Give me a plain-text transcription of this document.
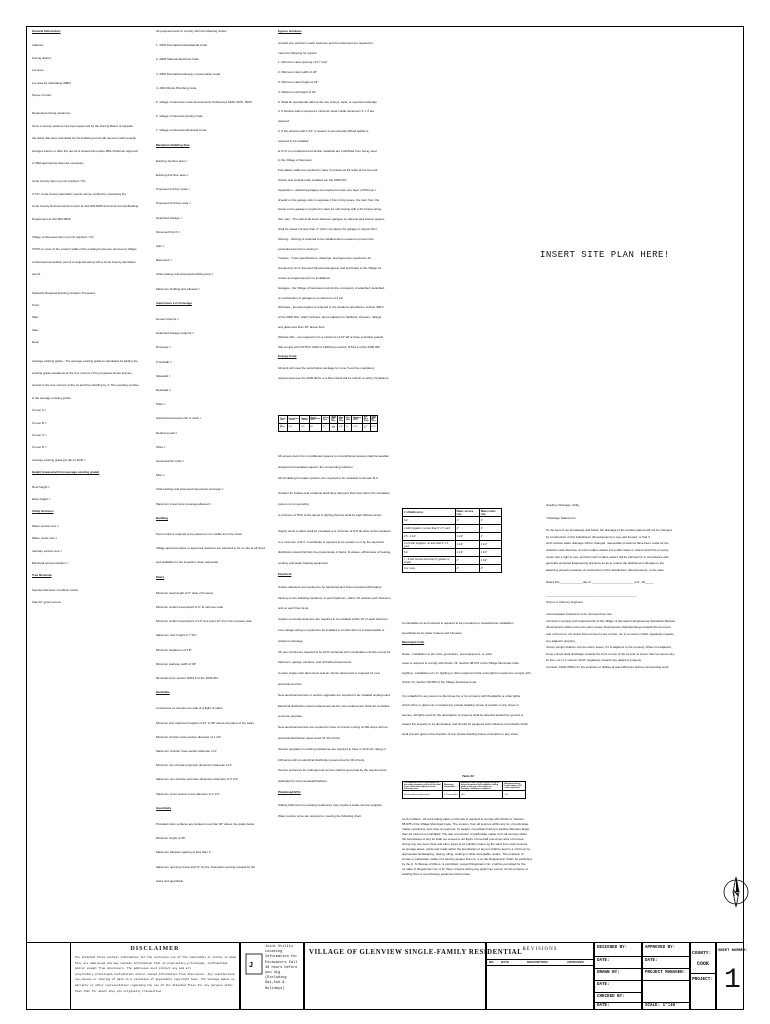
General Information
Address:
Zoning district:
Lot area:
Lot area for calculating IMBS:
Scope of work:
Requested zoning variances:
Once a zoning variance has been approved by the Zoning Board of Appeals,
the plans that were submitted for the building permit will need to match exactly.
changes before or after the permit is issued will require ZBA Chairman approval
or ZBA approval as deemed necessary
Cook County demo permit required: Y/N
If Y/N, Cook County demolition permit can be verified by contacting the
Cook County Environmental Control at 312-603-8200 and Cook County Building
Department at 312-603-0500
Village of Glenview demo permit required: Y/N
If 50% or more of the exterior walls of the existing house are removed a Village
of Glenview demolition permit is required along with a Cook County demolition
permit
Setbacks Required Existing Actual or Proposed
Front:
Side:
Side:
Rear:
Average existing grade - The average existing grade is calculated by adding the
existing grade elevations at the four corners of the proposed house that are
closest to the four corners of the lot and then dividing by 4. The resulting number
is the average existing grade.
Corner A =
Corner B =
Corner C =
Corner D =
Average existing grade [(A+B+C+D)/4] =
Height (measured from average existing grade)
Roof height =
Eave height =
Utility Services
Water service size =
Water meter size =
Sanitary service size =
Electrical service location =
Tree Removal
Species Diameter Condition Action
Oak 22" good remove
All proposed work to comply with the following codes:
1. 2006 International Residential Code
2. 2008 National Electrical Code
3. 2006 International Energy Conservation Code
4. 2004 Illinois Plumbing Code
5. Village of Glenview Code Amendments Ordinances 5166, 5070, 5069
6. Village of Glenview Zoning Code
7. Village of Glenview Municipal Code
Maximum Building Size
Existing 1st floor area =
Existing 2nd floor area =
Proposed 1st floor area =
Proposed 2nd floor area =
Detached Garage =
Screened Porch =
Attic =
Basement =
Total existing and proposed building area =
Maximum building size allowed =
Impervious Lot Coverage
House footprint =
Detached Garage footprint =
Driveway =
Frontwalk =
Sidewalk =
Rearwalk =
Patio =
Gazebo/screened porch or deck =
Retaining wall =
Shed =
Generator/AC units =
Misc =
Total existing and proposed impervious coverage =
Maximum impervious coverage allowed =
Building
Permit card is required to be placed so it is visible from the street
Village approved plans or approved revisions are required to be on site at all times
and available for the inspector when requested
Stairs
Minimum head depth of 6" clear of housing
Minimum winder tread depth of 9" at narrower side
Minimum winder tread depth of 10" at a point 12" from the narrower side
Maximum riser height of 7 3/4"
Minimum headroom of 6'8"
Minimum stairway width of 36"
Illuminated per section R303.6 of the 2006 IRC
Handrails
Continuous on at least one side of a flight of stairs
Minimum and maximum heights of 34" to 38" above the plane of the stairs
Minimum circular cross section diameter of 1 1/4"
Maximum circular cross section diameter of 2"
Minimum non-circular perimeter dimension diameter of 4"
Maximum non-circular perimeter dimension diameter of 6 1/4"
Maximum cross section cross diameter of 2 1/4"
Guardrails
Provided when surfaces are located more than 30" above the grade below
Minimum height of 36"
Maximum baluster spacing of less than 4"
Maximum opening of less than 6" for the Triangular opening created by the
stairs and guardrails
Egress windows
At least one window in each bedroom and the basement are required to
meet the following for egress:
1. Minimum clear opening of 5.7 sq.ft
2. Minimum clear width of 20"
3. Minimum clear height of 24"
4. Maximum sill height of 44"
5. Shall be operational without the use of keys, tools, or special knowledge
6. If window well is required a minimum clear inside dimension 3' x 3' are
required
6. If the window well is 44" or deeper a permanently affixed ladder is
required to be installed
E.I.F.S. is not allowed and similar materials are prohibited from being used
in the Village of Glenview
Foundation walls are required to have 3 continuous #4 rebar at the top and
bottom and vertical rebar installed per the 2006 IRC.
Separation - attached garages are required to have one layer of 5/8 type x
drywall on the garage side to separate it from living space, the door from the
house to the garage is required to have be self closing with a 20 minute rating
Sion pan - The wall of all doors between garages or carports and interior spaces
shall be raised not less than 4" (102 mm) above the garage or carport floor.
Shoring - Shoring is required to be installed when needed to prevent the
excavated area from caving in
Trusses - Truss specifications, drawings, and layout are required to be
stamped by an IL licensed Structural Engineer and submitted to the Village for
review and approval prior to installation.
Garages - the Village of Glenview restricts the occupancy of attached, detached,
or combination of garages to a maximum of 3 car
Windows - tempered glass is required in the locations specified in section 308.4
of the 2006 IRC, which includes: doors adjacent to bathtubs, showers, railings,
and glass less than 18" above floor.
Window sills - are required to be a minimum of 24" aff or have a window guards
that comply with ASTM F 2006 or F2090 per section R 612.2 of the 2006 IRC
Energy Code
All work will meet the prescriptive package for zone 5 and the mandatory
requirements per the 2009 IECC or a Res-check will be submit to verify compliance.
All access doors from conditioned spaces to unconditioned spaces shall be weather
stripped and insulated equal to the surrounding surfaces
All circulating hot water systems are required to be insulated to at least R-2
Outdoor air intakes and exhausts shall have dampers that close when the ventilation
system is not operating
A minimum of 50% of the lamps in lighting fixtures shall be high efficacy lamps
Supply ducts in attics shall be insulated to a minimum of R-8 all other ducts insulated
to a minimum of R-6. A certificate is required to be posted on or by the electrical
distribution panel that lists the predominate U factor, R-values, efficiencies of heating,
cooling, and water heating equipment.
Electrical
Smoke detectors are required to be hardwired and interconnected with battery
back-up in the following locations: in each bedroom, within 15' outside each bedroom,
and on each floor level.
Carbon monoxide detectors are required to be installed within 15' of each bedroom
Low voltage wiring is required to be installed in conduit when it is inaccessible or
subject to damage
All new circuits are required to be AFCI protected with combination circuits except for
bathroom, garage, kitchens, and unfinished basements.
A water single main disconnect and an interior disconnect is required for new
electrical services
New electrical services or service upgrades are required to be installed underground.
Electrical distribution panel replacement and/or new replacement shall not constitute
a service upgrade.
New electrical services are required to have a minimum rating of 200 amps with an
electrical distribution panel sized for 40 circuits
Service upgrades in existing residences are required to have a minimum rating of
100 amps with an electrical distribution panel sized for 30 circuits
Service entrances for underground service shall be governed by the requirements
published by Commonwealth Edison.
Plumbing/HVAC
Adding bathrooms to existing residences may require a water service upgrade
Water service sizes are required to meeting the following chart:
Combustible air and exhaust is required to be provided per manufacturer installation
specifications for water heaters and furnaces.
Municipal Code
Noise - Installation of a/c units, generators, pool equipment, or other
noise is required to comply with Article VII, Section 98-574 of the Village Municipal Code
Lighting - Installation of L.D. lighting or other equipment that emits light is required to comply with
Article VII, Section 98-582 of the Village Municipal Code
It is unlawful for any person to illuminate his or her property with floodlights or other lights
which shine or glare into or toward any private dwelling house of another in any street or
avenue. All lights used for the illumination of property shall be directed toward the ground or
toward the property to be illuminated, and should be equipped with reflectors and shields which
shall prevent glare in the direction of any private dwelling house of another in any street.
Curb in Mains - All work taking place on the site is required to comply with Article IV, Section
98-578 of the Village Municipal Code. The erosion, from all sources within any lot, of particulate
matter containing more than ten percent, by weight, of particles having a particle diameter larger
than 44 microns is prohibited. The rate of emission of particulate matter from all sources within
the boundaries of any lot shall not exceed a net figure of one-half pound per acre of lot area
during any one hour. Dust and other types of air pollution borne by the wind from such sources
as storage areas, yards and roads within the boundaries of any lot shall be kept to a minimum by
appropriate landscaping, paving, oiling, wetting or other acceptable means. The emission of
smoke or particulate matter of a density greater than no. 1 on the Ringelmann Chart, as published
by the U. S. Bureau of Mines, is prohibited, except Ringelmann No. 2 will be permitted for the
no-sake of Ringelmann No. 3 for three minutes during any eight hour period, for the purpose of
building fires or soot blowing equipment that noises
Grading, Drainage, Utility
<Drainage Statement>
To the best of our knowledge and belief, the drainage of the surface waters will not be changed
by construction of this Subdivision (Development) or any part thereof, or that if
such surface water drainage will be changed, reasonable provisions have been made for the
collection and diversion of such surface waters into public areas or drains which the property
owner has a right to use, and that such surface waters will be planned for in accordance with
generally accepted Engineering practices so as to reduce the likelihood of damage to the
adjoining property because of construction of the Subdivision (Development), or the sites.
Dated this______________day of _________________________ A.D., 20_____
_______________________________ _______________________
Owner or Attorney Engineer
•All excavated material is to be removed from site.
•All work to comply with requirements of the Village of Glenview's Engineering Standards Manual.
•Downspouts shall not be into storm sewer. Downspouts shall discharge towards the front and
rear of the lot or not closer than ten feet to any lot line, nor in a manner which negatively impacts
any adjacent property.
•Sump pumps shall be into the storm sewer, if it is adjacent to the property. When not adjacent,
sump pumps shall discharge towards the front or rear of the lot and no closer than ten feet to any
lot line, nor in a manner which negatively impacts any adjacent property.
•Contact JULIE (8811) for the locations of utilities at least 48 hours before commencing work.
Climate Zone	Fenestration U-factor	Skylight U-factor	Glazed Fenestration SHGC	Ceiling R-value	Wood Frame Wall R-value	Mass Wall R-value	Floor R-value	Basement Wall R-value	Slab R-value & Depth	Crawl Space Wall R-value
5 & Marine 4	0.35	0.60	NR	38	20 or 13+5	13/17	30	10/13	10, 2 ft	10/13
# of Bathrooms	Water service size	Water meter size
0-2	1"	1"
2 with irrigation, no less than 5' x 5' yard	1"	1"
2.5 - 4 1/2	1 1/2"	1"
4 1/2 with irrigation, no less than 5' x 5' yard	1 1/2"	1 1/2"
5-6	1 1/2"	1 1/2"
7 - 8 with service less than 3" greater in length	2"	1 1/2"
9 or more	2"	2"
Table 33
The maximum limit of illuminance on the subject property at line of the shall be as noted when adjacent to the following uses:	Maximum footcandles	Maximum fixture height (height to top of fixture) measured from adjacent ceiling grade to the top of the column or luminaire, whichever is highest	Maximum fixture height (above 100' from residential
Residential (including hotels)	0.2 footcandles	14 ft	14 ft
INSERT SITE PLAN HERE!
N
DISCLAIMER
The attached files contain information for the exclusive use of the individual or entity to whom they are addressed and may contain information that is proprietary,privileged, confidential and/or exempt from disclosure. The addressee must protect any and all proprietary,privileged,confidential and/or exempt information from disclosure. Any unauthorized use,misuse or sharing of data is a violation of applicable copyright laws. The Village makes no warranty or other representation regarding the use of the attached files for any purpose other than that for which they are originally transmitted.
J
Joint Utility Locating Information for Excavators Call 48 hours before you dig (Excluding Sat,Sun & Holidays)
VILLAGE OF GLENVIEW SINGLE-FAMILY RESIDENTIAL REVISIONS
NO. DATE	DESCRIPTION	APPROVED
DESIGNED BY:
DATE:
DRAWN BY:
DATE:
CHECKED BY:
DATE:
APPROVED BY:
DATE:
PROJECT MANAGER:
SCALE: 1"=40'
COUNTY:
COOK
PROJECT:
SHEET NUMBER:
1
